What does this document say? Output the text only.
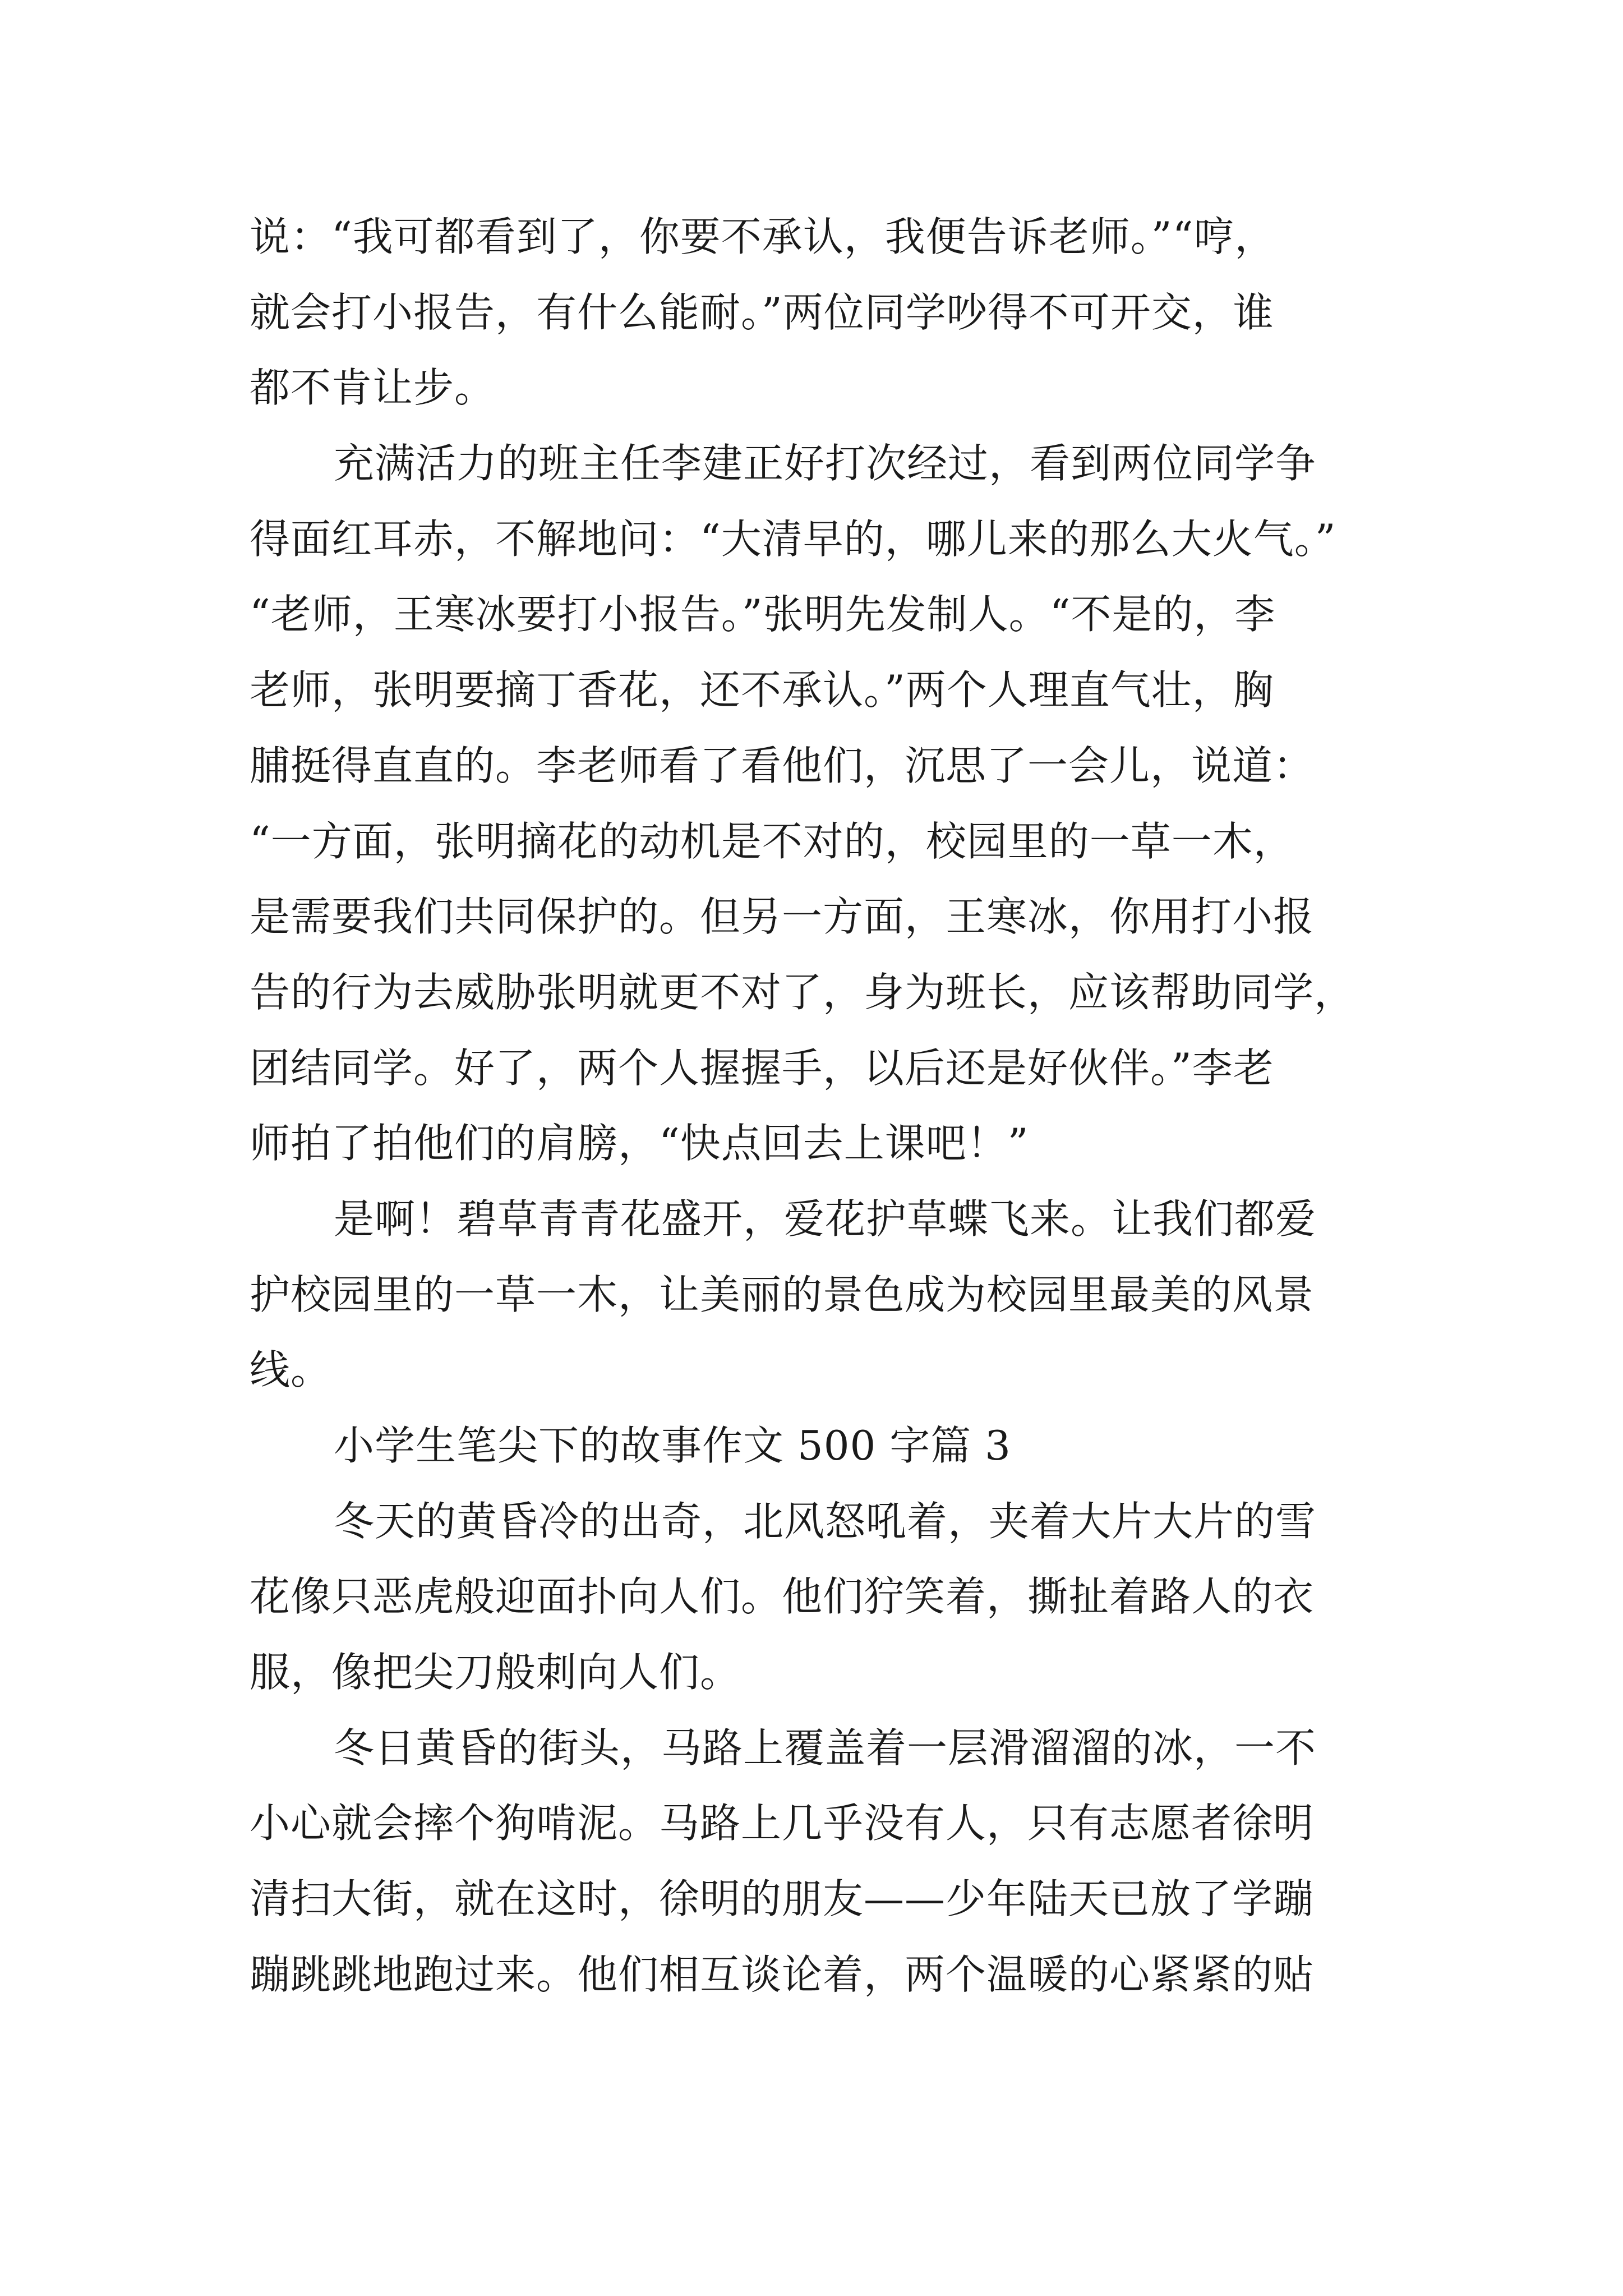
说：“我可都看到了，你要不承认，我便告诉老师。”“哼，
就会打小报告，有什么能耐。”两位同学吵得不可开交，谁
都不肯让步。
充满活力的班主任李建正好打次经过，看到两位同学争
得面红耳赤，不解地问：“大清早的，哪儿来的那么大火气。”
“老师，王寒冰要打小报告。”张明先发制人。“不是的，李
老师，张明要摘丁香花，还不承认。”两个人理直气壮，胸
脯挺得直直的。李老师看了看他们，沉思了一会儿，说道：
“一方面，张明摘花的动机是不对的，校园里的一草一木，
是需要我们共同保护的。但另一方面，王寒冰，你用打小报
告的行为去威胁张明就更不对了，身为班长，应该帮助同学，
团结同学。好了，两个人握握手，以后还是好伙伴。”李老
师拍了拍他们的肩膀，“快点回去上课吧！”
是啊！碧草青青花盛开，爱花护草蝶飞来。让我们都爱
护校园里的一草一木，让美丽的景色成为校园里最美的风景
线。
小学生笔尖下的故事作文 500 字篇 3
冬天的黄昏冷的出奇，北风怒吼着，夹着大片大片的雪
花像只恶虎般迎面扑向人们。他们狞笑着，撕扯着路人的衣
服，像把尖刀般刺向人们。
冬日黄昏的街头，马路上覆盖着一层滑溜溜的冰，一不
小心就会摔个狗啃泥。马路上几乎没有人，只有志愿者徐明
清扫大街，就在这时，徐明的朋友——少年陆天已放了学蹦
蹦跳跳地跑过来。他们相互谈论着，两个温暖的心紧紧的贴
